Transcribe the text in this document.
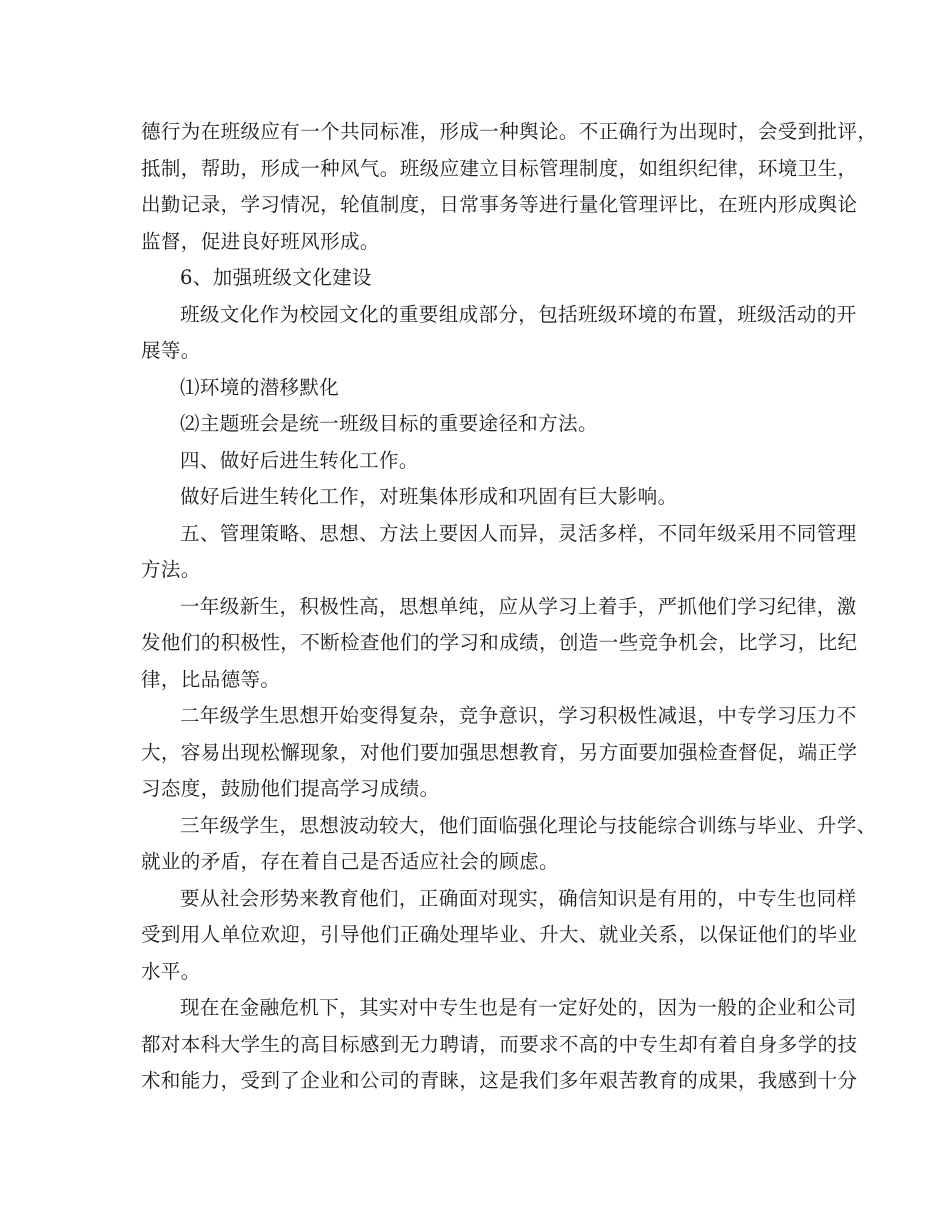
德行为在班级应有一个共同标准，形成一种舆论。不正确行为出现时，会受到批评，
抵制，帮助，形成一种风气。班级应建立目标管理制度，如组织纪律，环境卫生，
出勤记录，学习情况，轮值制度，日常事务等进行量化管理评比，在班内形成舆论
监督，促进良好班风形成。
6、加强班级文化建设
班级文化作为校园文化的重要组成部分，包括班级环境的布置，班级活动的开
展等。
⑴环境的潜移默化
⑵主题班会是统一班级目标的重要途径和方法。
四、做好后进生转化工作。
做好后进生转化工作，对班集体形成和巩固有巨大影响。
五、管理策略、思想、方法上要因人而异，灵活多样，不同年级采用不同管理
方法。
一年级新生，积极性高，思想单纯，应从学习上着手，严抓他们学习纪律，激
发他们的积极性，不断检查他们的学习和成绩，创造一些竞争机会，比学习，比纪
律，比品德等。
二年级学生思想开始变得复杂，竞争意识，学习积极性减退，中专学习压力不
大，容易出现松懈现象，对他们要加强思想教育，另方面要加强检查督促，端正学
习态度，鼓励他们提高学习成绩。
三年级学生，思想波动较大，他们面临强化理论与技能综合训练与毕业、升学、
就业的矛盾，存在着自己是否适应社会的顾虑。
要从社会形势来教育他们，正确面对现实，确信知识是有用的，中专生也同样
受到用人单位欢迎，引导他们正确处理毕业、升大、就业关系，以保证他们的毕业
水平。
现在在金融危机下，其实对中专生也是有一定好处的，因为一般的企业和公司
都对本科大学生的高目标感到无力聘请，而要求不高的中专生却有着自身多学的技
术和能力，受到了企业和公司的青睐，这是我们多年艰苦教育的成果，我感到十分
